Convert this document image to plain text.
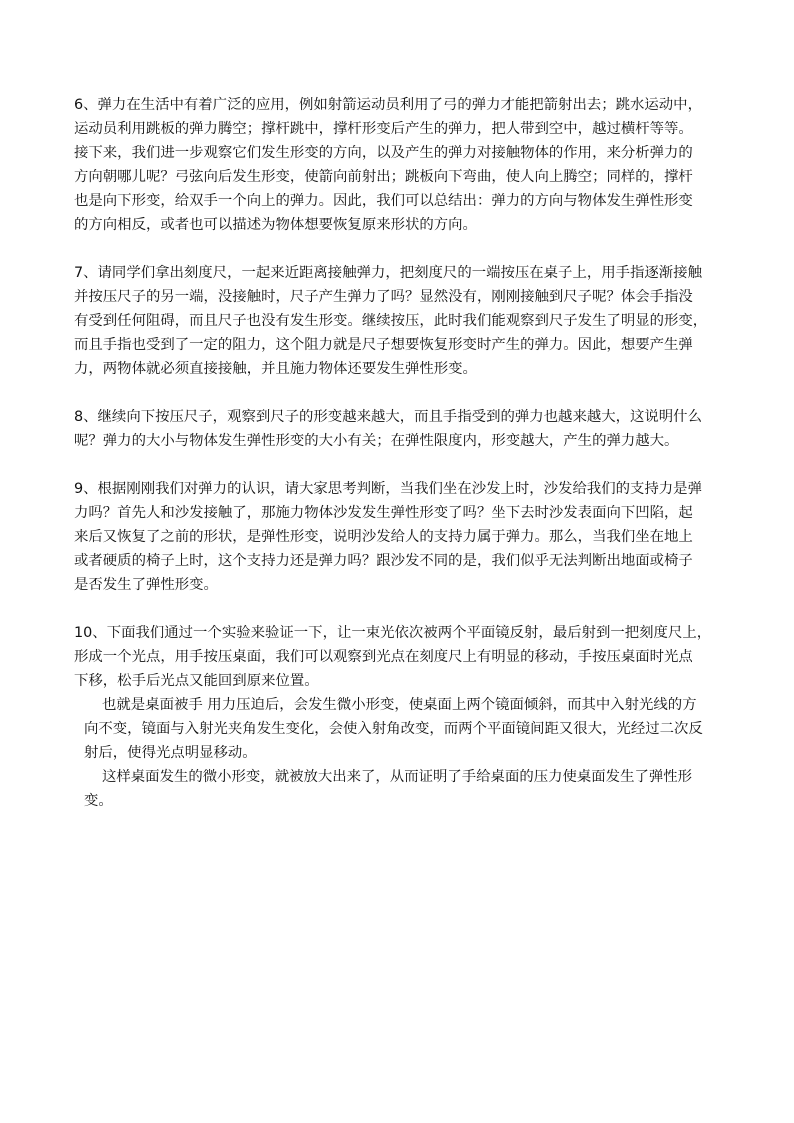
6、弹力在生活中有着广泛的应用，例如射箭运动员利用了弓的弹力才能把箭射出去；跳水运动中，
运动员利用跳板的弹力腾空；撑杆跳中，撑杆形变后产生的弹力，把人带到空中，越过横杆等等。
接下来，我们进一步观察它们发生形变的方向，以及产生的弹力对接触物体的作用，来分析弹力的
方向朝哪儿呢？弓弦向后发生形变，使箭向前射出；跳板向下弯曲，使人向上腾空；同样的，撑杆
也是向下形变，给双手一个向上的弹力。因此，我们可以总结出：弹力的方向与物体发生弹性形变
的方向相反，或者也可以描述为物体想要恢复原来形状的方向。
7、请同学们拿出刻度尺，一起来近距离接触弹力，把刻度尺的一端按压在桌子上，用手指逐渐接触
并按压尺子的另一端，没接触时，尺子产生弹力了吗？显然没有，刚刚接触到尺子呢？体会手指没
有受到任何阻碍，而且尺子也没有发生形变。继续按压，此时我们能观察到尺子发生了明显的形变，
而且手指也受到了一定的阻力，这个阻力就是尺子想要恢复形变时产生的弹力。因此，想要产生弹
力，两物体就必须直接接触，并且施力物体还要发生弹性形变。
8、继续向下按压尺子，观察到尺子的形变越来越大，而且手指受到的弹力也越来越大，这说明什么
呢？弹力的大小与物体发生弹性形变的大小有关；在弹性限度内，形变越大，产生的弹力越大。
9、根据刚刚我们对弹力的认识，请大家思考判断，当我们坐在沙发上时，沙发给我们的支持力是弹
力吗？首先人和沙发接触了，那施力物体沙发发生弹性形变了吗？坐下去时沙发表面向下凹陷，起
来后又恢复了之前的形状，是弹性形变，说明沙发给人的支持力属于弹力。那么，当我们坐在地上
或者硬质的椅子上时，这个支持力还是弹力吗？跟沙发不同的是，我们似乎无法判断出地面或椅子
是否发生了弹性形变。
10、下面我们通过一个实验来验证一下，让一束光依次被两个平面镜反射，最后射到一把刻度尺上，
形成一个光点，用手按压桌面，我们可以观察到光点在刻度尺上有明显的移动，手按压桌面时光点
下移，松手后光点又能回到原来位置。
也就是桌面被手 用力压迫后，会发生微小形变，使桌面上两个镜面倾斜，而其中入射光线的方
向不变，镜面与入射光夹角发生变化，会使入射角改变，而两个平面镜间距又很大，光经过二次反
射后，使得光点明显移动。
这样桌面发生的微小形变，就被放大出来了，从而证明了手给桌面的压力使桌面发生了弹性形
变。
